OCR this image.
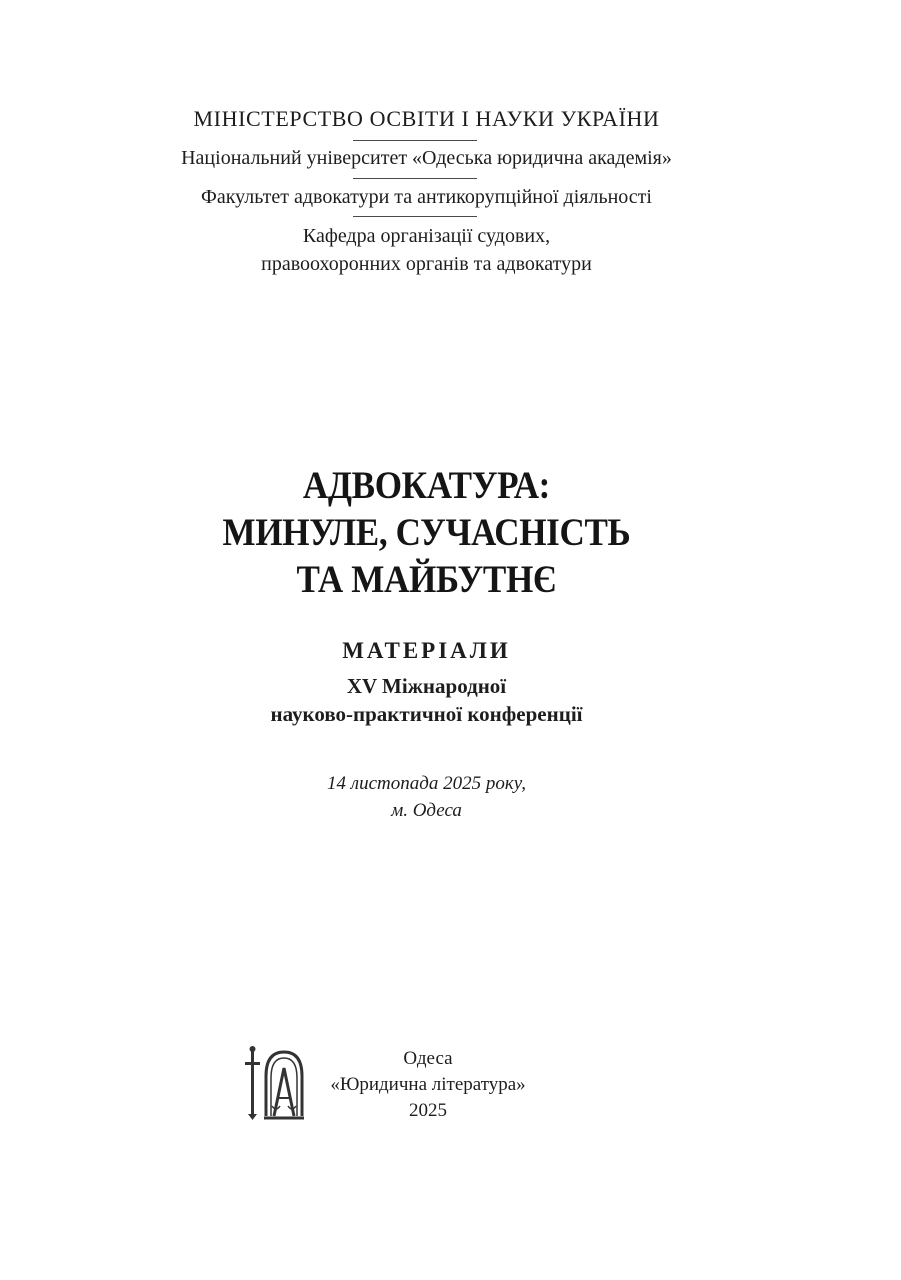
МІНІСТЕРСТВО ОСВІТИ І НАУКИ УКРАЇНИ
Національний університет «Одеська юридична академія»
Факультет адвокатури та антикорупційної діяльності
Кафедра організації судових,
правоохоронних органів та адвокатури
АДВОКАТУРА:
МИНУЛЕ, СУЧАСНІСТЬ
ТА МАЙБУТНЄ
МАТЕРІАЛИ
XV Міжнародної
науково-практичної конференції
14 листопада 2025 року,
м. Одеса
Одеса
«Юридична література»
2025
